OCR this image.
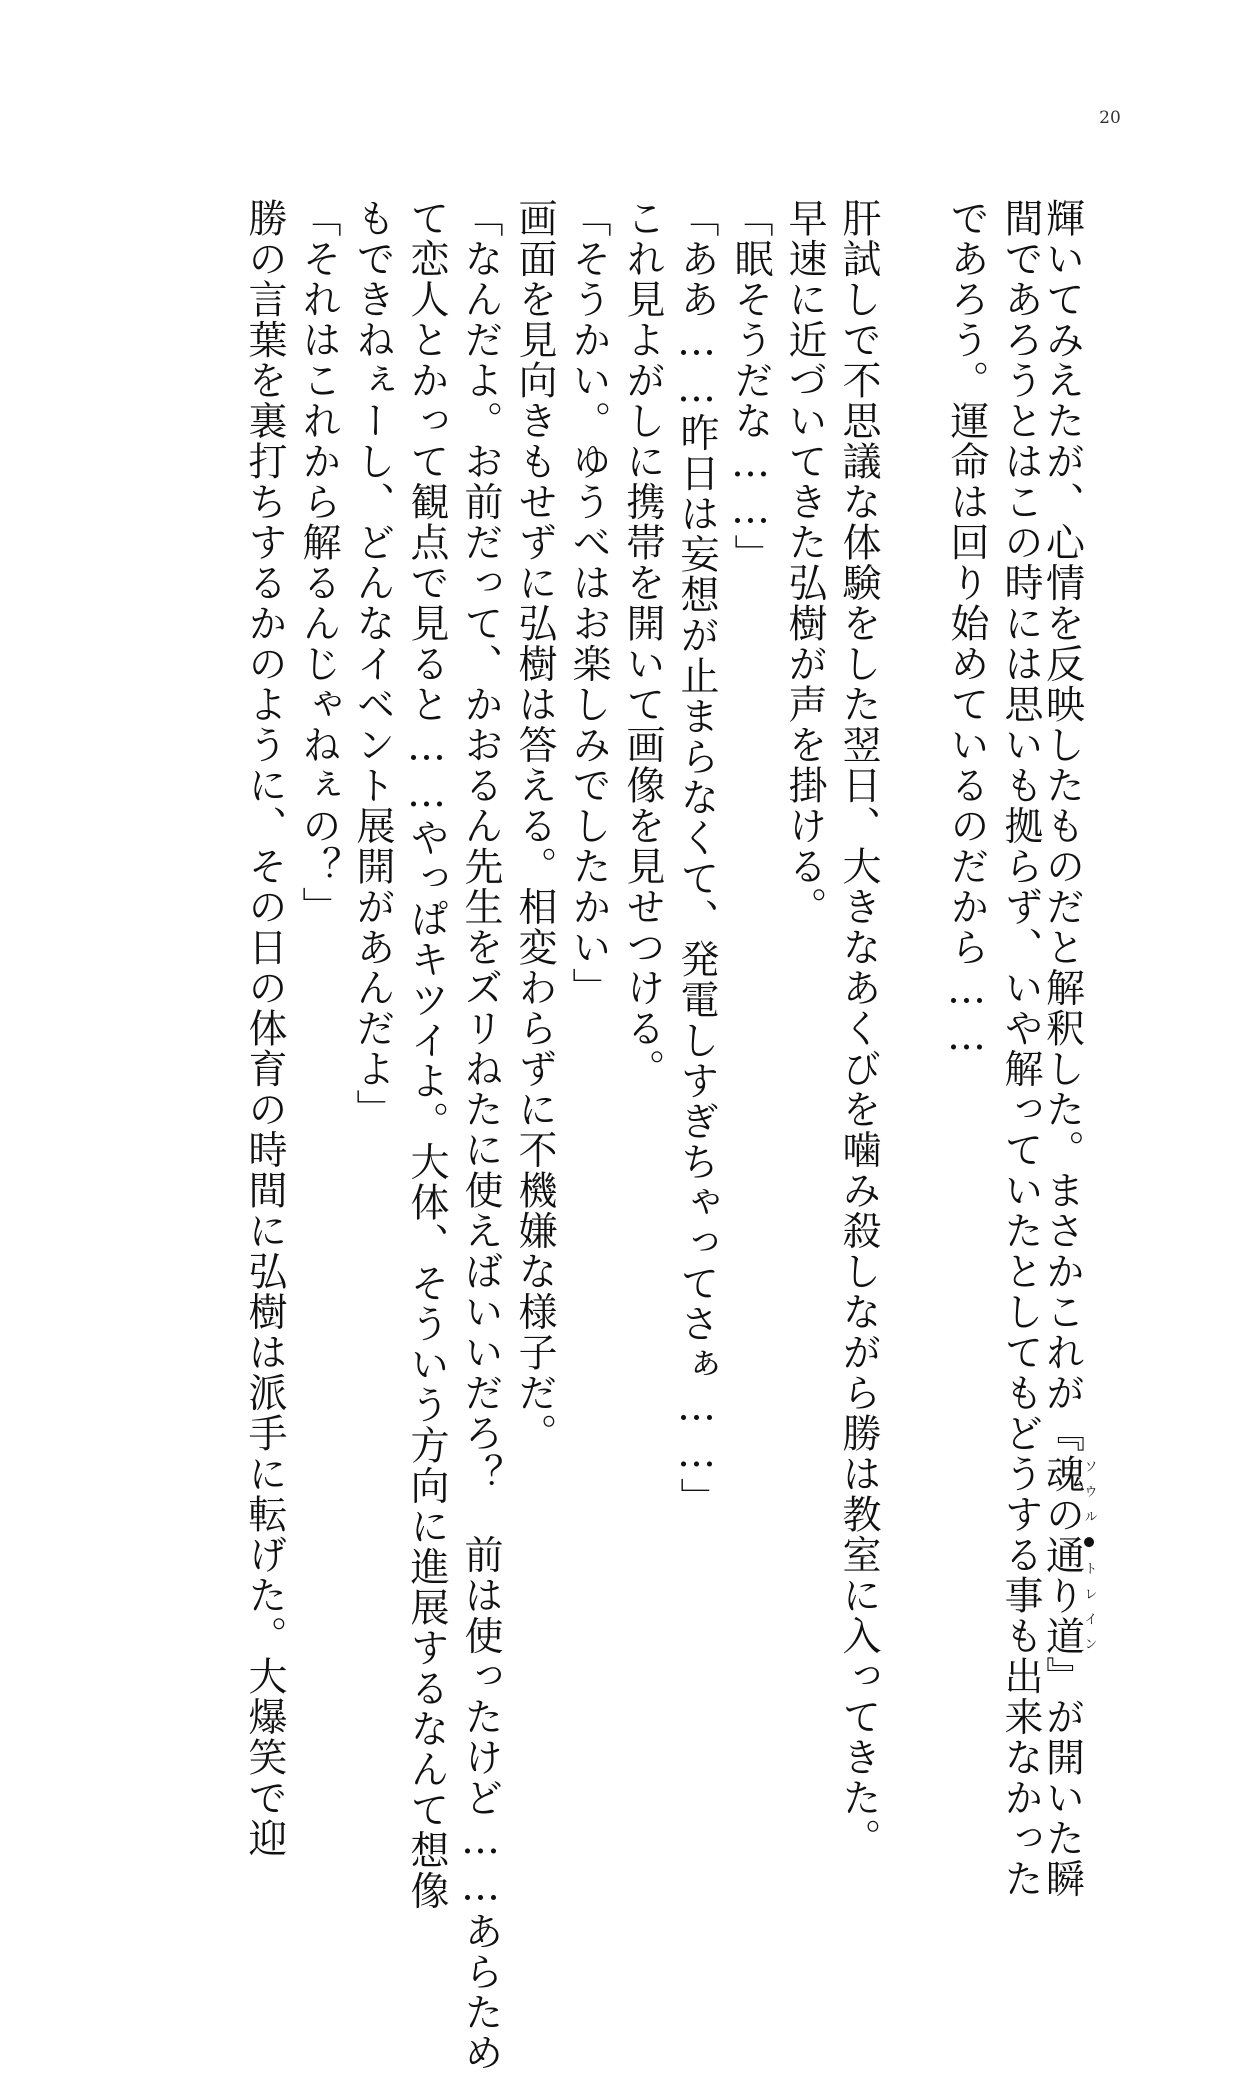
20
輝いてみえたが、心情を反映したものだと解釈した。まさかこれが『魂の通り道ソウル●トレイン』が開いた瞬
間であろうとはこの時には思いも拠らず、いや解っていたとしてもどうする事も出来なかった
であろう。運命は回り始めているのだから……
肝試しで不思議な体験をした翌日、大きなあくびを噛み殺しながら勝は教室に入ってきた。
早速に近づいてきた弘樹が声を掛ける。
「眠そうだな……」
「ああ……昨日は妄想が止まらなくて、発電しすぎちゃってさぁ……」
これ見よがしに携帯を開いて画像を見せつける。
「そうかい。ゆうべはお楽しみでしたかい」
画面を見向きもせずに弘樹は答える。相変わらずに不機嫌な様子だ。
「なんだよ。お前だって、かおるん先生をズリねたに使えばいいだろ？　前は使ったけど……あらため
て恋人とかって観点で見ると……やっぱキツイよ。大体、そういう方向に進展するなんて想像
もできねぇーし、どんなイベント展開があんだよ」
「それはこれから解るんじゃねぇの？」
勝の言葉を裏打ちするかのように、その日の体育の時間に弘樹は派手に転げた。大爆笑で迎
